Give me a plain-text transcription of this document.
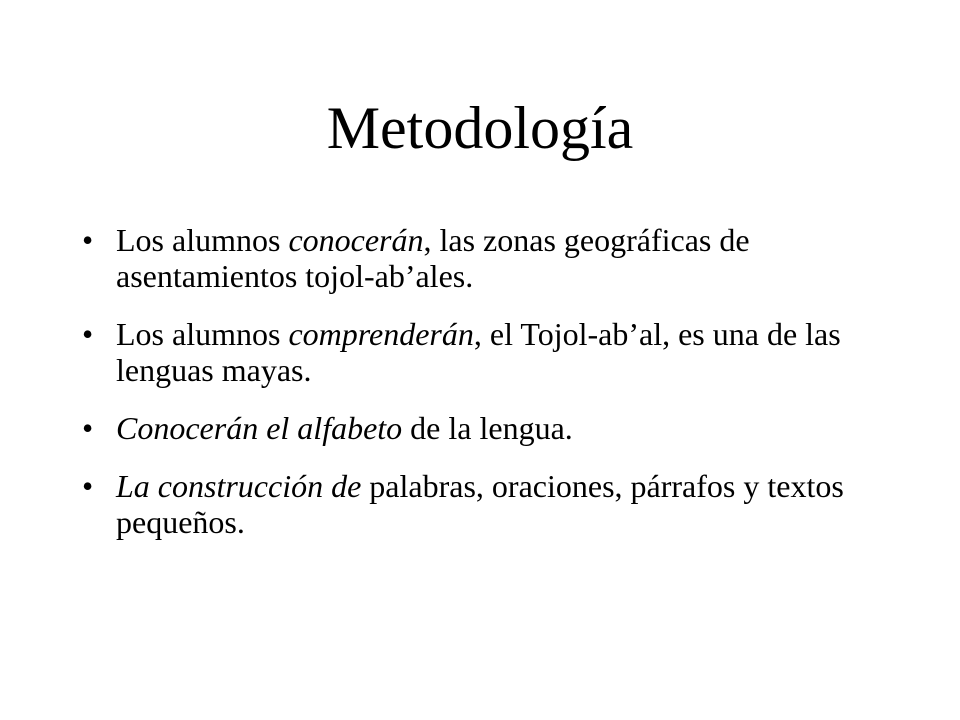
Metodología
• Los alumnos conocerán, las zonas geográficas de asentamientos tojol-ab’ales.
• Los alumnos comprenderán, el Tojol-ab’al, es una de las lenguas mayas.
• Conocerán el alfabeto de la lengua.
• La construcción de palabras, oraciones, párrafos y textos pequeños.
